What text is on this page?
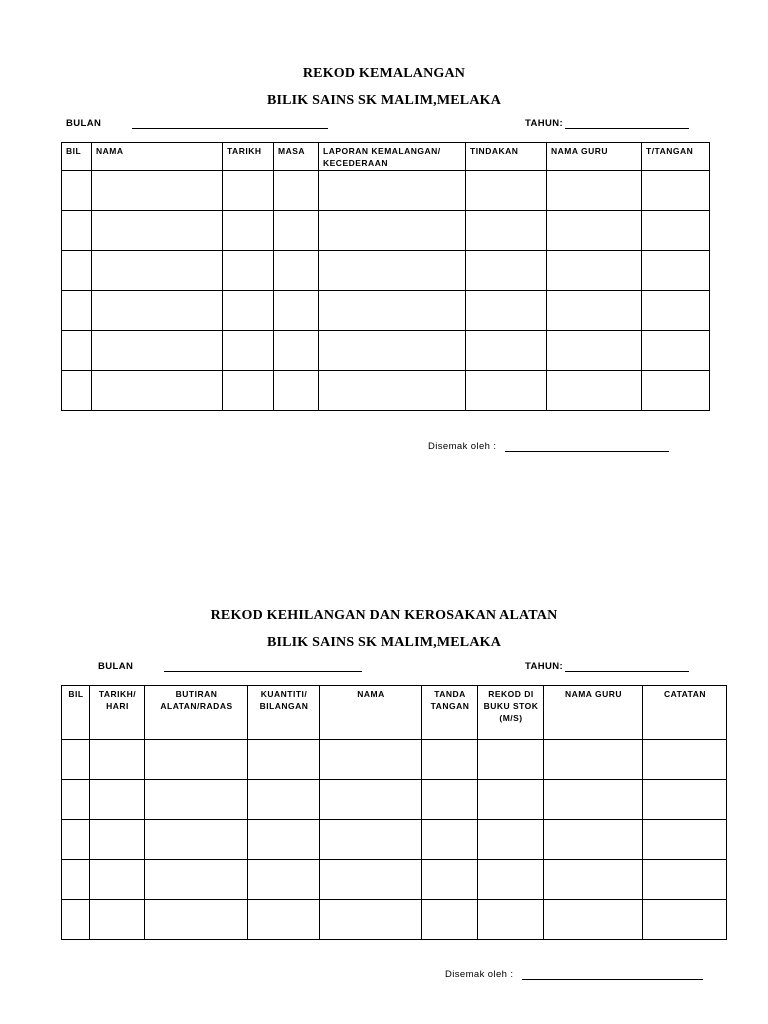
REKOD KEMALANGAN
BILIK SAINS SK MALIM,MELAKA
BULAN	TAHUN:
BIL	NAMA	TARIKH	MASA	LAPORAN KEMALANGAN/ KECEDERAAN	TINDAKAN	NAMA GURU	T/TANGAN

Disemak oleh :
REKOD KEHILANGAN DAN KEROSAKAN ALATAN
BILIK SAINS SK MALIM,MELAKA
BULAN	TAHUN:
BIL	TARIKH/ HARI	BUTIRAN ALATAN/RADAS	KUANTITI/ BILANGAN	NAMA	TANDA TANGAN	REKOD DI BUKU STOK (M/S)	NAMA GURU	CATATAN

Disemak oleh :
